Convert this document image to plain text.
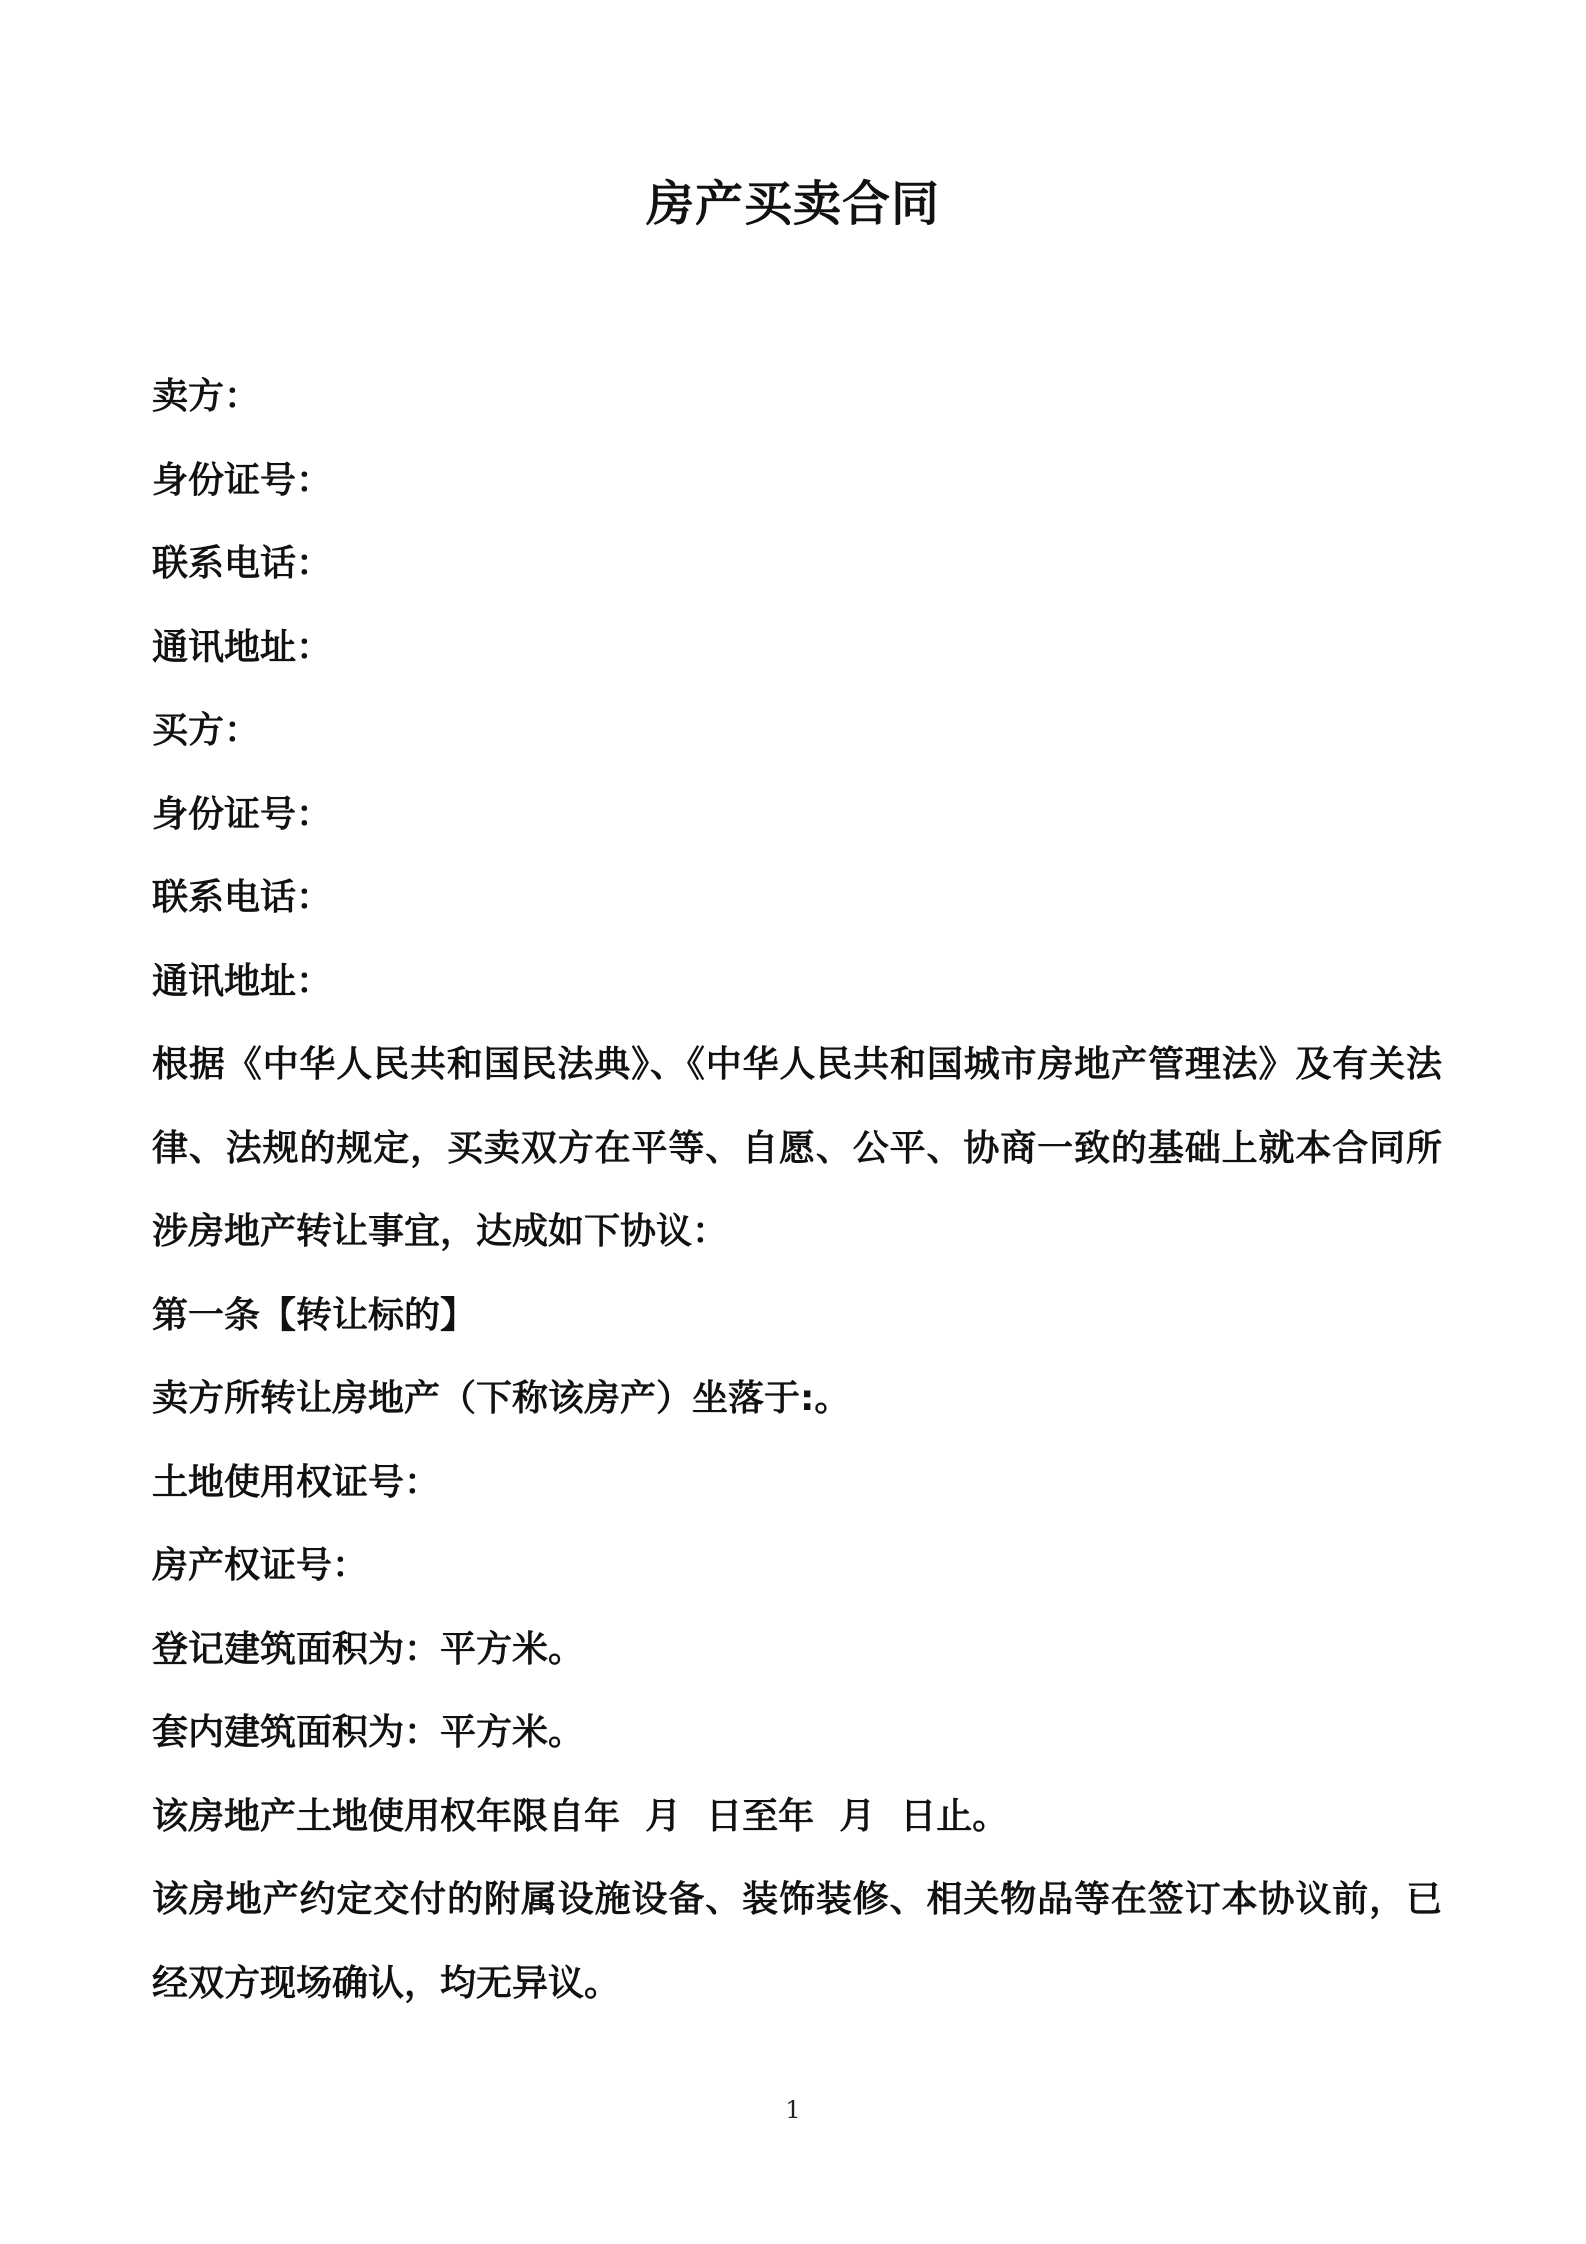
房产买卖合同
卖方：
身份证号：
联系电话：
通讯地址：
买方：
身份证号：
联系电话：
通讯地址：
根据《中华人民共和国民法典》、《中华人民共和国城市房地产管理法》及有关法律、法规的规定，买卖双方在平等、自愿、公平、协商一致的基础上就本合同所涉房地产转让事宜，达成如下协议：
第一条【转让标的】
卖方所转让房地产（下称该房产）坐落于:。
土地使用权证号：
房产权证号：
登记建筑面积为：平方米。
套内建筑面积为：平方米。
该房地产土地使用权年限自年  月  日至年  月  日止。
该房地产约定交付的附属设施设备、装饰装修、相关物品等在签订本协议前，已经双方现场确认，均无异议。
1
